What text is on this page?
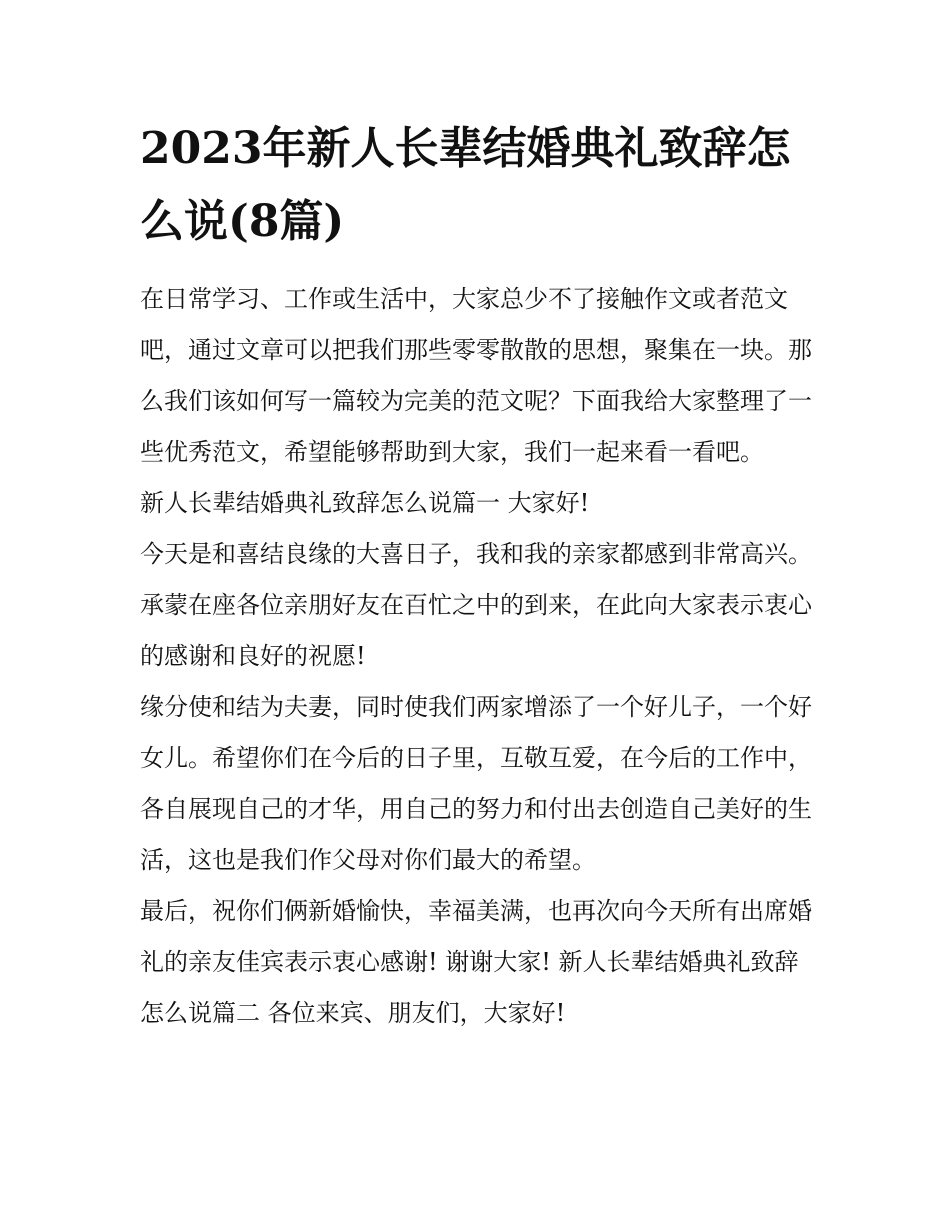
2023年新人长辈结婚典礼致辞怎么说(8篇)

在日常学习、工作或生活中，大家总少不了接触作文或者范文吧，通过文章可以把我们那些零零散散的思想，聚集在一块。那么我们该如何写一篇较为完美的范文呢？下面我给大家整理了一些优秀范文，希望能够帮助到大家，我们一起来看一看吧。

新人长辈结婚典礼致辞怎么说篇一 大家好!

今天是和喜结良缘的大喜日子，我和我的亲家都感到非常高兴。承蒙在座各位亲朋好友在百忙之中的到来，在此向大家表示衷心的感谢和良好的祝愿!

缘分使和结为夫妻，同时使我们两家增添了一个好儿子，一个好女儿。希望你们在今后的日子里，互敬互爱，在今后的工作中，各自展现自己的才华，用自己的努力和付出去创造自己美好的生活，这也是我们作父母对你们最大的希望。

最后，祝你们俩新婚愉快，幸福美满，也再次向今天所有出席婚礼的亲友佳宾表示衷心感谢! 谢谢大家! 新人长辈结婚典礼致辞怎么说篇二 各位来宾、朋友们，大家好!
